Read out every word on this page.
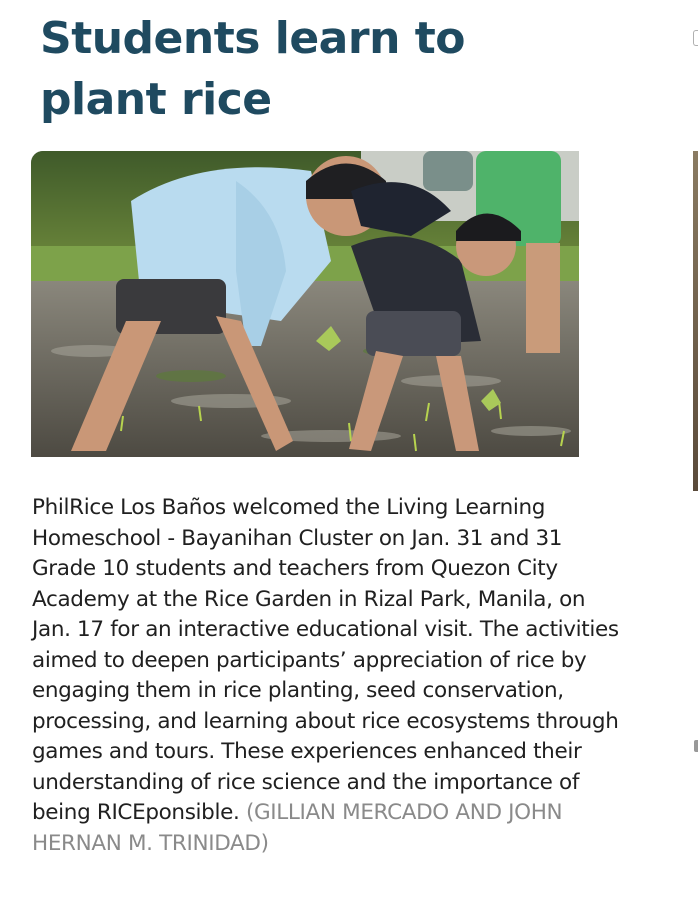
Students learn to
plant rice

PhilRice Los Baños welcomed the Living Learning
Homeschool - Bayanihan Cluster on Jan. 31 and 31
Grade 10 students and teachers from Quezon City
Academy at the Rice Garden in Rizal Park, Manila, on
Jan. 17 for an interactive educational visit. The activities
aimed to deepen participants’ appreciation of rice by
engaging them in rice planting, seed conservation,
processing, and learning about rice ecosystems through
games and tours. These experiences enhanced their
understanding of rice science and the importance of
being RICEponsible. (GILLIAN MERCADO AND JOHN
HERNAN M. TRINIDAD)
